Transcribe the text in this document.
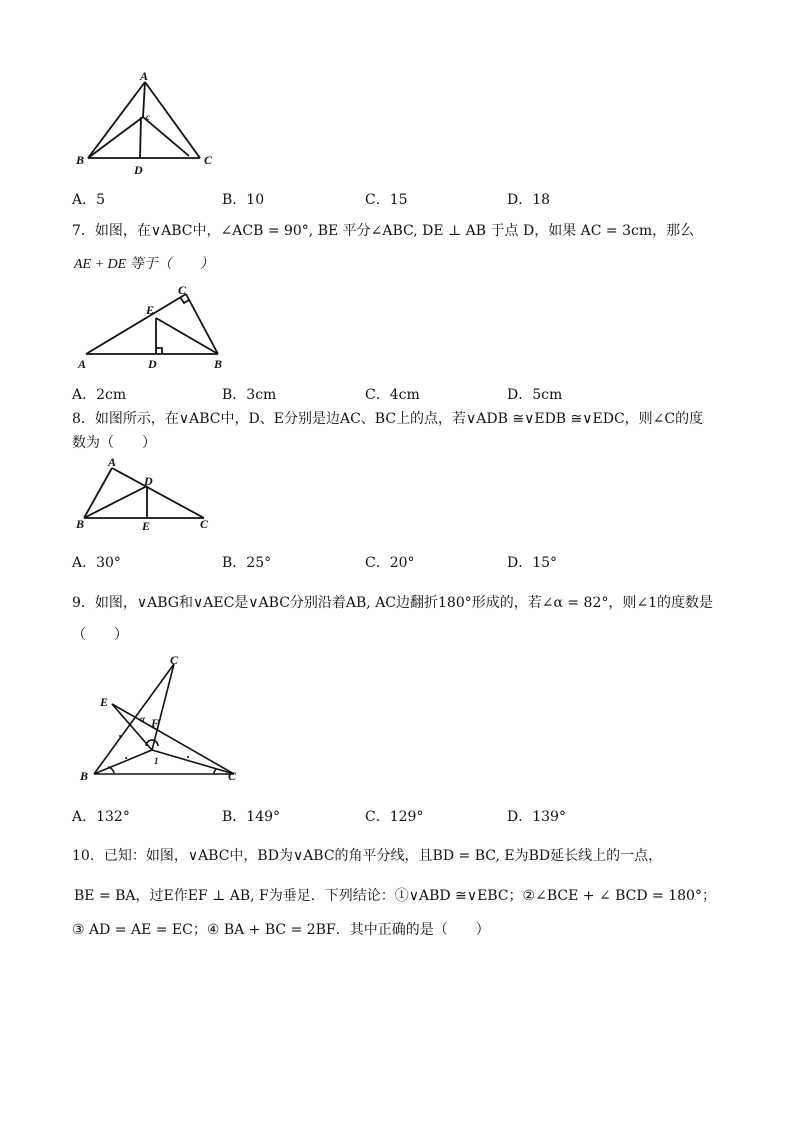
A
B	C
D
c
A．5	B．10	C．15	D．18
7．如图，在∨ABC中，∠ACB = 90°, BE 平分∠ABC, DE ⊥ AB 于点 D，如果 AC = 3cm，那么
AE + DE 等于（　　）
A	B
C
D
E
A．2cm	B．3cm	C．4cm	D．5cm
8．如图所示，在∨ABC中，D、E分别是边AC、BC上的点，若∨ADB ≅∨EDB ≅∨EDC，则∠C的度
数为（　　）
A
B	C
D
E
A．30°	B．25°	C．20°	D．15°
9．如图，∨ABG和∨AEC是∨ABC分别沿着AB, AC边翻折180°形成的，若∠α = 82°，则∠1的度数是
（　　）
C
E
F
α
1
B	C
A．132°	B．149°	C．129°	D．139°
10．已知：如图，∨ABC中，BD为∨ABC的角平分线，且BD = BC, E为BD延长线上的一点，
BE = BA，过E作EF ⊥ AB, F为垂足．下列结论：①∨ABD ≅∨EBC；②∠BCE + ∠ BCD = 180°；
③ AD = AE = EC；④ BA + BC = 2BF．其中正确的是（　　）
